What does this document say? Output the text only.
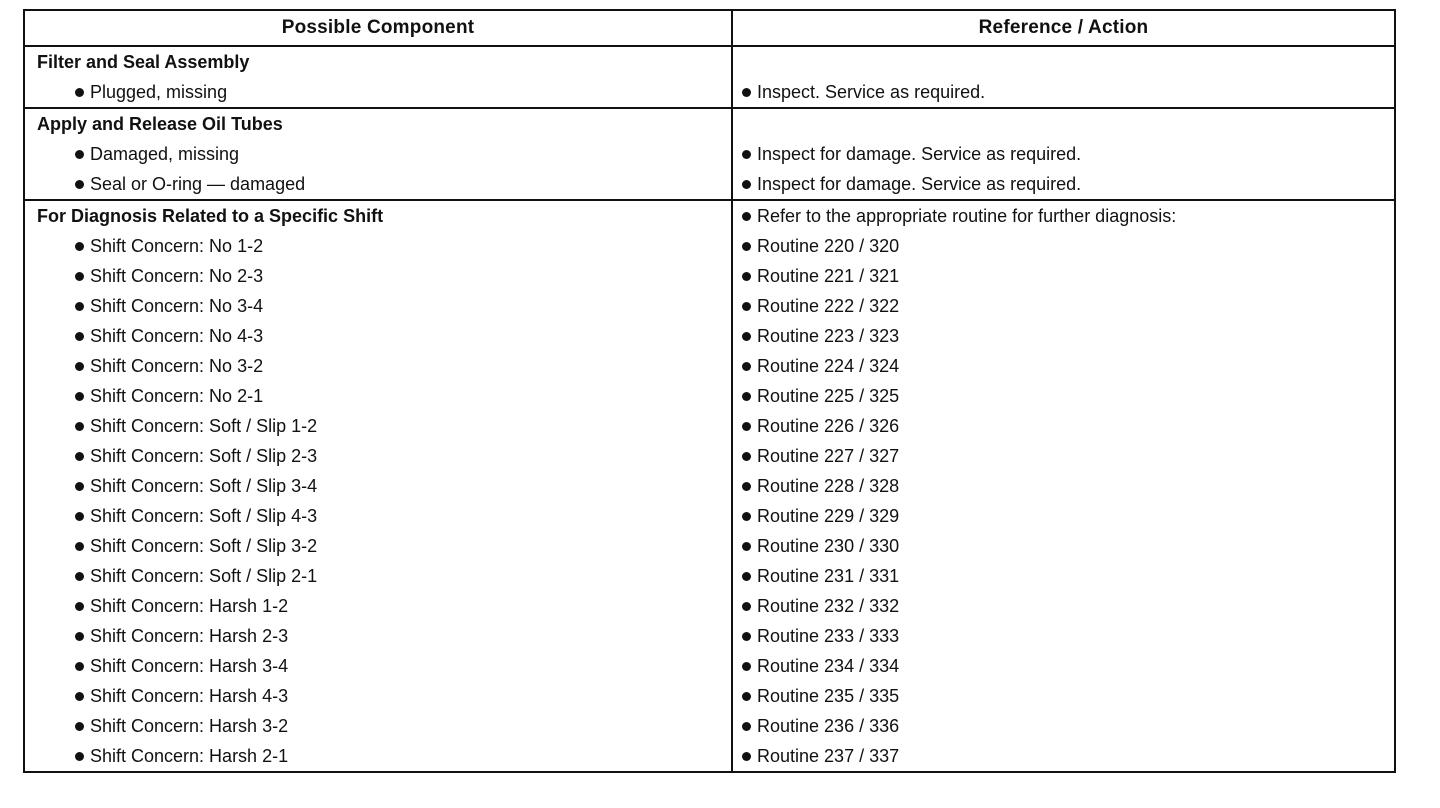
Possible Component	Reference / Action
Filter and Seal Assembly	
Plugged, missing	Inspect. Service as required.
Apply and Release Oil Tubes	
Damaged, missing	Inspect for damage. Service as required.
Seal or O-ring — damaged	Inspect for damage. Service as required.
For Diagnosis Related to a Specific Shift	Refer to the appropriate routine for further diagnosis:
Shift Concern: No 1-2	Routine 220 / 320
Shift Concern: No 2-3	Routine 221 / 321
Shift Concern: No 3-4	Routine 222 / 322
Shift Concern: No 4-3	Routine 223 / 323
Shift Concern: No 3-2	Routine 224 / 324
Shift Concern: No 2-1	Routine 225 / 325
Shift Concern: Soft / Slip 1-2	Routine 226 / 326
Shift Concern: Soft / Slip 2-3	Routine 227 / 327
Shift Concern: Soft / Slip 3-4	Routine 228 / 328
Shift Concern: Soft / Slip 4-3	Routine 229 / 329
Shift Concern: Soft / Slip 3-2	Routine 230 / 330
Shift Concern: Soft / Slip 2-1	Routine 231 / 331
Shift Concern: Harsh 1-2	Routine 232 / 332
Shift Concern: Harsh 2-3	Routine 233 / 333
Shift Concern: Harsh 3-4	Routine 234 / 334
Shift Concern: Harsh 4-3	Routine 235 / 335
Shift Concern: Harsh 3-2	Routine 236 / 336
Shift Concern: Harsh 2-1	Routine 237 / 337
